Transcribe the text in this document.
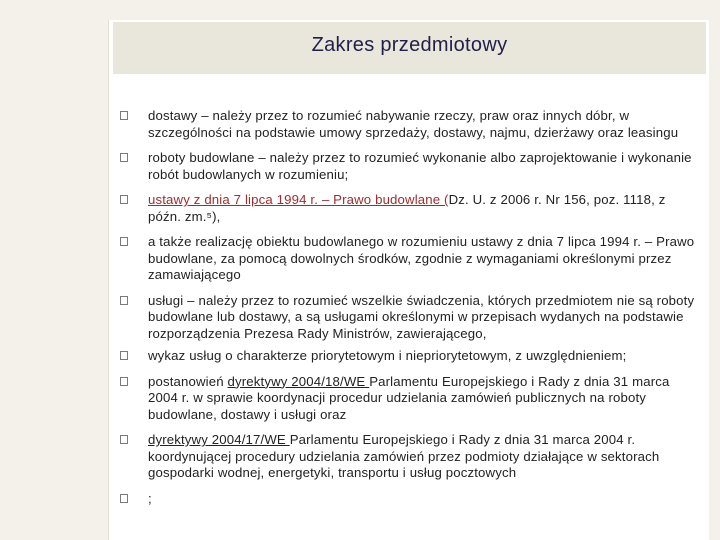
Zakres przedmiotowy
dostawy – należy przez to rozumieć nabywanie rzeczy, praw oraz innych dóbr, w szczególności na podstawie umowy sprzedaży, dostawy, najmu, dzierżawy oraz leasingu
roboty budowlane – należy przez to rozumieć wykonanie albo zaprojektowanie i wykonanie robót budowlanych w rozumieniu;
ustawy z dnia 7 lipca 1994 r. – Prawo budowlane (Dz. U. z 2006 r. Nr 156, poz. 1118, z późn. zm.⁵),
a także realizację obiektu budowlanego w rozumieniu ustawy z dnia 7 lipca 1994 r. – Prawo budowlane, za pomocą dowolnych środków, zgodnie z wymaganiami określonymi przez zamawiającego
usługi – należy przez to rozumieć wszelkie świadczenia, których przedmiotem nie są roboty budowlane lub dostawy, a są usługami określonymi w przepisach wydanych na podstawie rozporządzenia Prezesa Rady Ministrów, zawierającego,
wykaz usług o charakterze priorytetowym i niepriorytetowym, z uwzględnieniem;
postanowień dyrektywy 2004/18/WE Parlamentu Europejskiego i Rady z dnia 31 marca 2004 r. w sprawie koordynacji procedur udzielania zamówień publicznych na roboty budowlane, dostawy i usługi oraz
dyrektywy 2004/17/WE Parlamentu Europejskiego i Rady z dnia 31 marca 2004 r. koordynującej procedury udzielania zamówień przez podmioty działające w sektorach gospodarki wodnej, energetyki, transportu i usług pocztowych
;
